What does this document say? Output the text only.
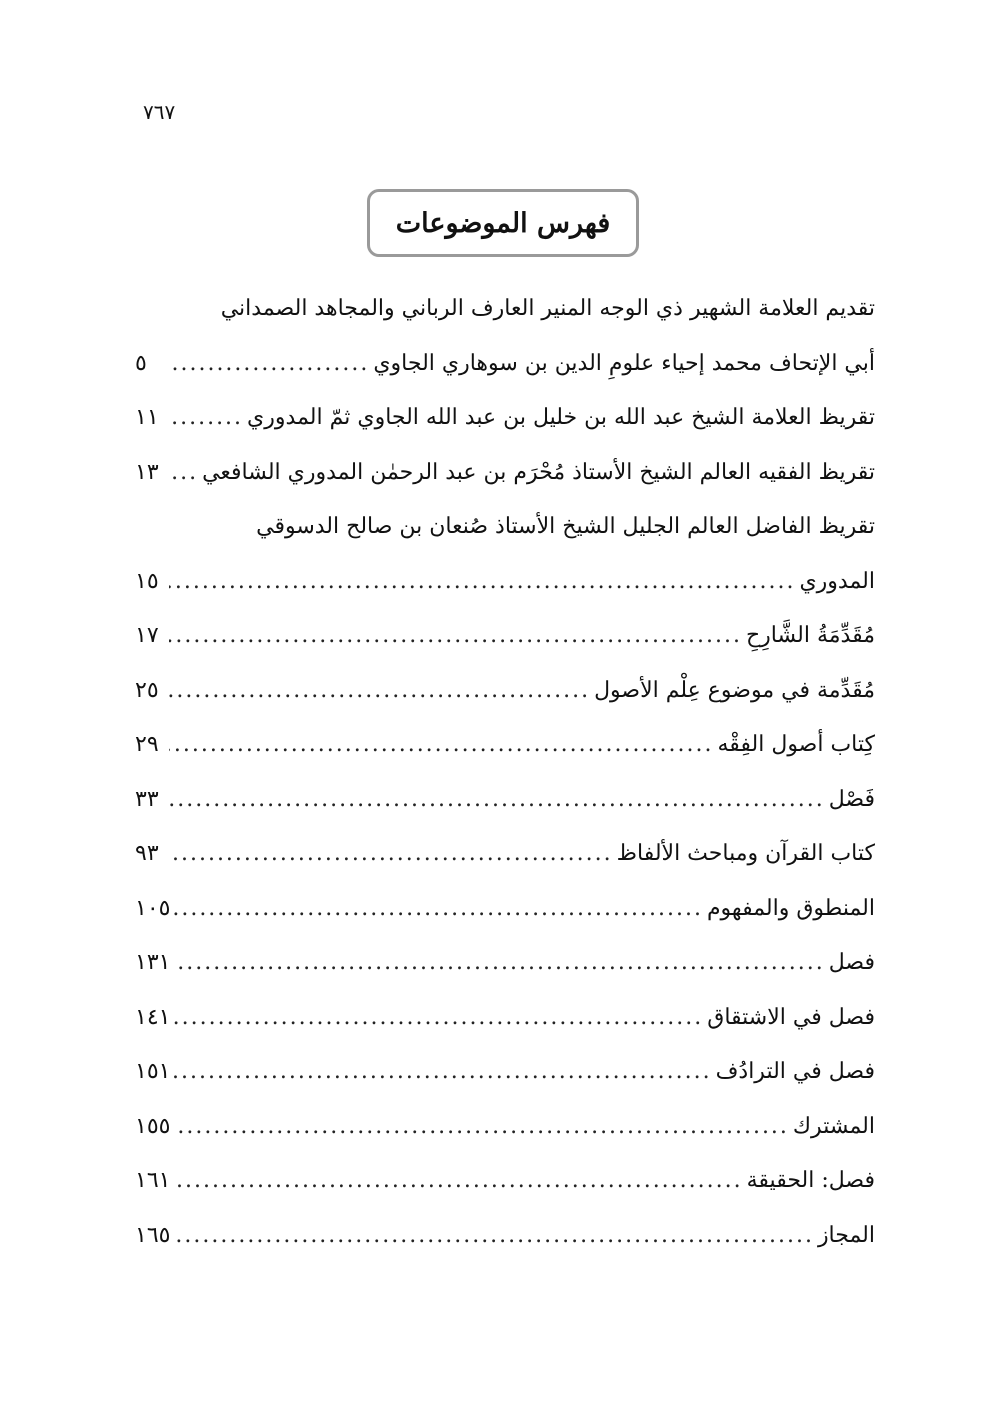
٧٦٧
فهرس الموضوعات
تقديم العلامة الشهير ذي الوجه المنير العارف الرباني والمجاهد الصمداني
أبي الإتحاف محمد إحياء علومِ الدين بن سوهاري الجاوي
.....
٥
تقريظ العلامة الشيخ عبد الله بن خليل بن عبد الله الجاوي ثمّ المدوري
.....
١١
تقريظ الفقيه العالم الشيخ الأستاذ مُحْرَم بن عبد الرحمٰن المدوري الشافعي
.....
١٣
تقريظ الفاضل العالم الجليل الشيخ الأستاذ صُنعان بن صالح الدسوقي
المدوري
.....
١٥
مُقَدِّمَةُ الشَّارِحِ
.....
١٧
مُقَدِّمة في موضوع عِلْم الأصول
.....
٢٥
كِتاب أصول الفِقْه
.....
٢٩
فَصْل
.....
٣٣
كتاب القرآن ومباحث الألفاظ
.....
٩٣
المنطوق والمفهوم
.....
١٠٥
فصل
.....
١٣١
فصل في الاشتقاق
.....
١٤١
فصل في الترادُف
.....
١٥١
المشترك
.....
١٥٥
فصل: الحقيقة
.....
١٦١
المجاز
.....
١٦٥
